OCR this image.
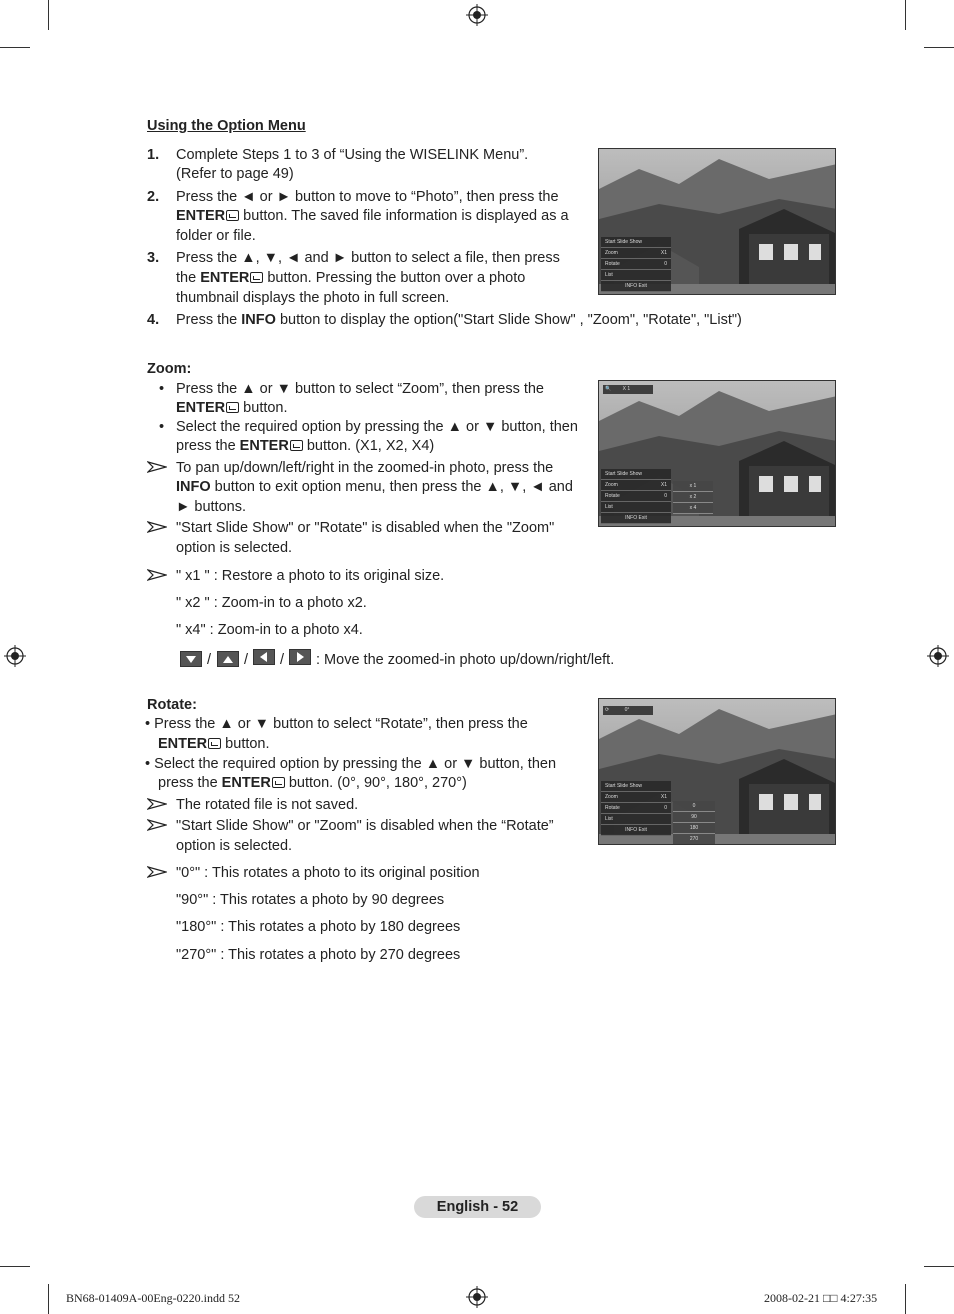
Using the Option Menu
1. Complete Steps 1 to 3 of “Using the WISELINK Menu”.
(Refer to page 49)
2. Press the ◄ or ► button to move to “Photo”, then press the
ENTER button. The saved file information is displayed as a
folder or file.
3. Press the ▲, ▼, ◄ and ► button to select a file, then press
the ENTER button. Pressing the button over a photo
thumbnail displays the photo in full screen.
4. Press the INFO button to display the option("Start Slide Show" , "Zoom", "Rotate", "List")
Zoom:
• Press the ▲ or ▼ button to select “Zoom”, then press the
ENTER button.
• Select the required option by pressing the ▲ or ▼ button, then
press the ENTER button. (X1, X2, X4)
To pan up/down/left/right in the zoomed-in photo, press the
INFO button to exit option menu, then press the ▲, ▼, ◄ and
► buttons.
"Start Slide Show" or "Rotate" is disabled when the "Zoom"
option is selected.
" x1 " : Restore a photo to its original size.
" x2 " : Zoom-in to a photo x2.
" x4" : Zoom-in to a photo x4.
/ / / : Move the zoomed-in photo up/down/right/left.
Rotate:
• Press the ▲ or ▼ button to select “Rotate”, then press the
ENTER button.
• Select the required option by pressing the ▲ or ▼ button, then
press the ENTER button. (0°, 90°, 180°, 270°)
The rotated file is not saved.
"Start Slide Show" or "Zoom" is disabled when the “Rotate”
option is selected.
"0°" : This rotates a photo to its original position
"90°" : This rotates a photo by 90 degrees
"180°" : This rotates a photo by 180 degrees
"270°" : This rotates a photo by 270 degrees
Start Slide Show
Zoom	X1
Rotate	0
List
INFO Exit
🔍 X 1
Start Slide Show
Zoom	X1
Rotate	0
List
INFO Exit
x 1
x 2
x 4
⟳	0°
Start Slide Show
Zoom	X1
Rotate	0
List
INFO Exit
0
90
180
270
English - 52
BN68-01409A-00Eng-0220.indd 52	2008-02-21 □□ 4:27:35
